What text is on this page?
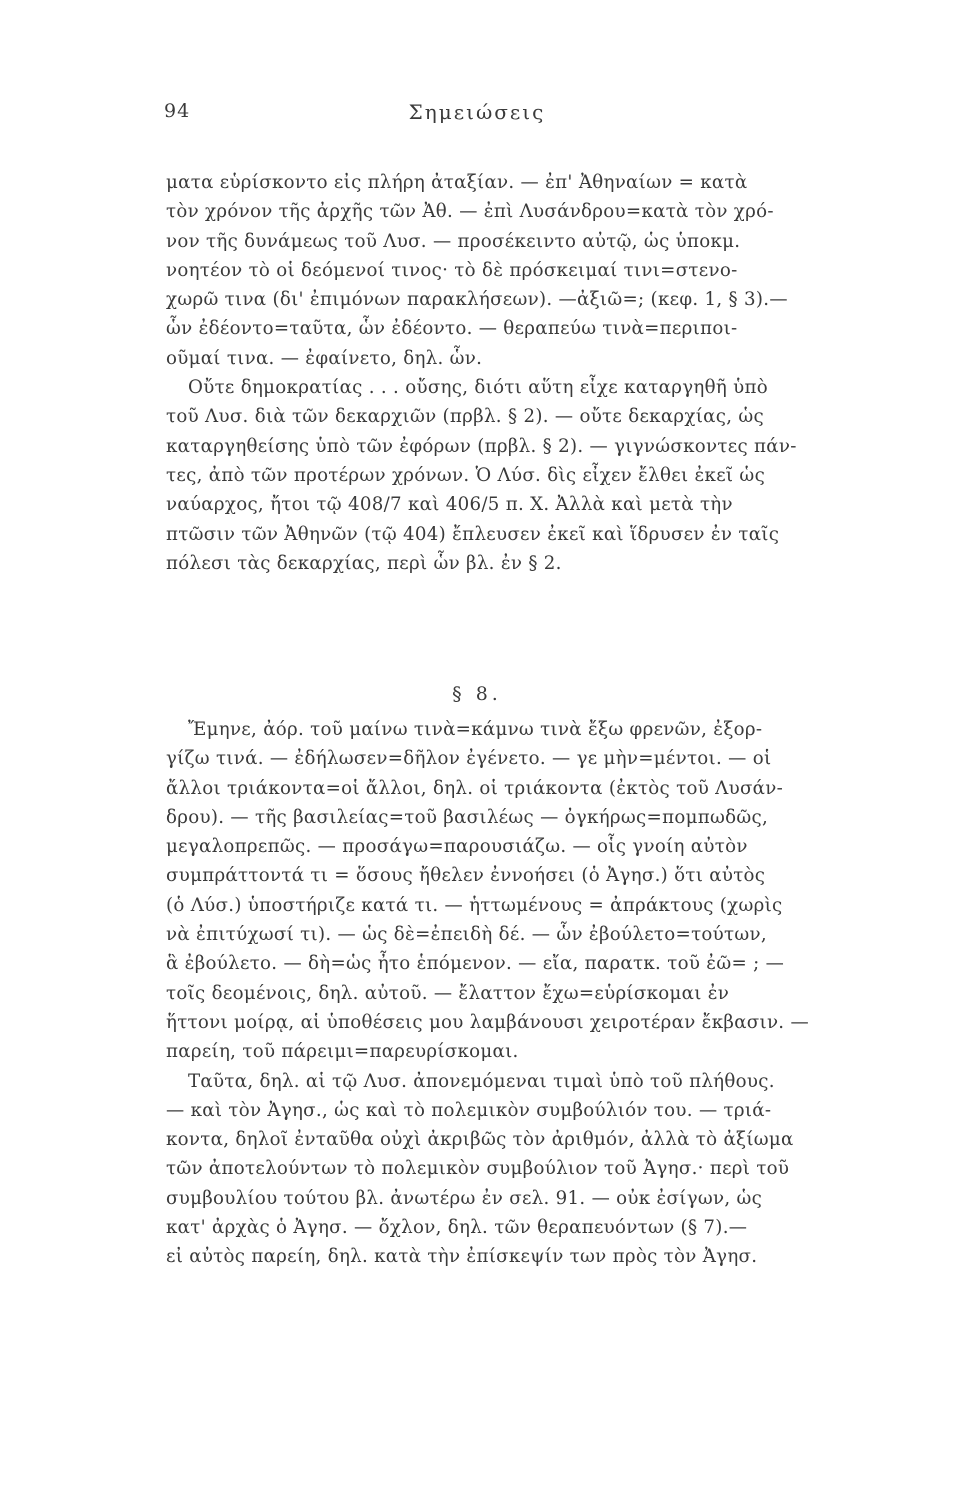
94	Σημειώσεις
ματα εὑρίσκοντο εἰς πλήρη ἀταξίαν. — ἐπ' Ἀθηναίων = κατὰ
τὸν χρόνον τῆς ἀρχῆς τῶν Ἀθ. — ἐπὶ Λυσάνδρου=κατὰ τὸν χρό-
νον τῆς δυνάμεως τοῦ Λυσ. — προσέκειντο αὐτῷ, ὡς ὑποκμ.
νοητέον τὸ οἱ δεόμενοί τινος· τὸ δὲ πρόσκειμαί τινι=στενο-
χωρῶ τινα (δι' ἐπιμόνων παρακλήσεων). —ἀξιῶ=; (κεφ. 1, § 3).—
ὧν ἐδέοντο=ταῦτα, ὧν ἐδέοντο. — θεραπεύω τινὰ=περιποι-
οῦμαί τινα. — ἐφαίνετο, δηλ. ὧν.
Οὔτε δημοκρατίας . . . οὔσης, διότι αὕτη εἶχε καταργηθῆ ὑπὸ
τοῦ Λυσ. διὰ τῶν δεκαρχιῶν (πρβλ. § 2). — οὔτε δεκαρχίας, ὡς
καταργηθείσης ὑπὸ τῶν ἐφόρων (πρβλ. § 2). — γιγνώσκοντες πάν-
τες, ἀπὸ τῶν προτέρων χρόνων. Ὁ Λύσ. δὶς εἶχεν ἔλθει ἐκεῖ ὡς
ναύαρχος, ἤτοι τῷ 408/7 καὶ 406/5 π. Χ. Ἀλλὰ καὶ μετὰ τὴν
πτῶσιν τῶν Ἀθηνῶν (τῷ 404) ἔπλευσεν ἐκεῖ καὶ ἵδρυσεν ἐν ταῖς
πόλεσι τὰς δεκαρχίας, περὶ ὧν βλ. ἐν § 2.
§ 8.
Ἔμηνε, ἀόρ. τοῦ μαίνω τινὰ=κάμνω τινὰ ἔξω φρενῶν, ἐξορ-
γίζω τινά. — ἐδήλωσεν=δῆλον ἐγένετο. — γε μὴν=μέντοι. — οἱ
ἄλλοι τριάκοντα=οἱ ἄλλοι, δηλ. οἱ τριάκοντα (ἐκτὸς τοῦ Λυσάν-
δρου). — τῆς βασιλείας=τοῦ βασιλέως — ὀγκήρως=πομπωδῶς,
μεγαλοπρεπῶς. — προσάγω=παρουσιάζω. — οἷς γνοίη αὐτὸν
συμπράττοντά τι = ὅσους ἤθελεν ἐννοήσει (ὁ Ἀγησ.) ὅτι αὐτὸς
(ὁ Λύσ.) ὑποστήριζε κατά τι. — ἡττωμένους = ἀπράκτους (χωρὶς
νὰ ἐπιτύχωσί τι). — ὡς δὲ=ἐπειδὴ δέ. — ὧν ἐβούλετο=τούτων,
ἃ ἐβούλετο. — δὴ=ὡς ἦτο ἑπόμενον. — εἴα, παρατκ. τοῦ ἐῶ= ; —
τοῖς δεομένοις, δηλ. αὐτοῦ. — ἔλαττον ἔχω=εὑρίσκομαι ἐν
ἥττονι μοίρᾳ, αἱ ὑποθέσεις μου λαμβάνουσι χειροτέραν ἔκβασιν. —
παρείη, τοῦ πάρειμι=παρευρίσκομαι.
Ταῦτα, δηλ. αἱ τῷ Λυσ. ἀπονεμόμεναι τιμαὶ ὑπὸ τοῦ πλήθους.
— καὶ τὸν Ἀγησ., ὡς καὶ τὸ πολεμικὸν συμβούλιόν του. — τριά-
κοντα, δηλοῖ ἐνταῦθα οὐχὶ ἀκριβῶς τὸν ἀριθμόν, ἀλλὰ τὸ ἀξίωμα
τῶν ἀποτελούντων τὸ πολεμικὸν συμβούλιον τοῦ Ἀγησ.· περὶ τοῦ
συμβουλίου τούτου βλ. ἀνωτέρω ἐν σελ. 91. — οὐκ ἐσίγων, ὡς
κατ' ἀρχὰς ὁ Ἀγησ. — ὄχλον, δηλ. τῶν θεραπευόντων (§ 7).—
εἰ αὐτὸς παρείη, δηλ. κατὰ τὴν ἐπίσκεψίν των πρὸς τὸν Ἀγησ.
